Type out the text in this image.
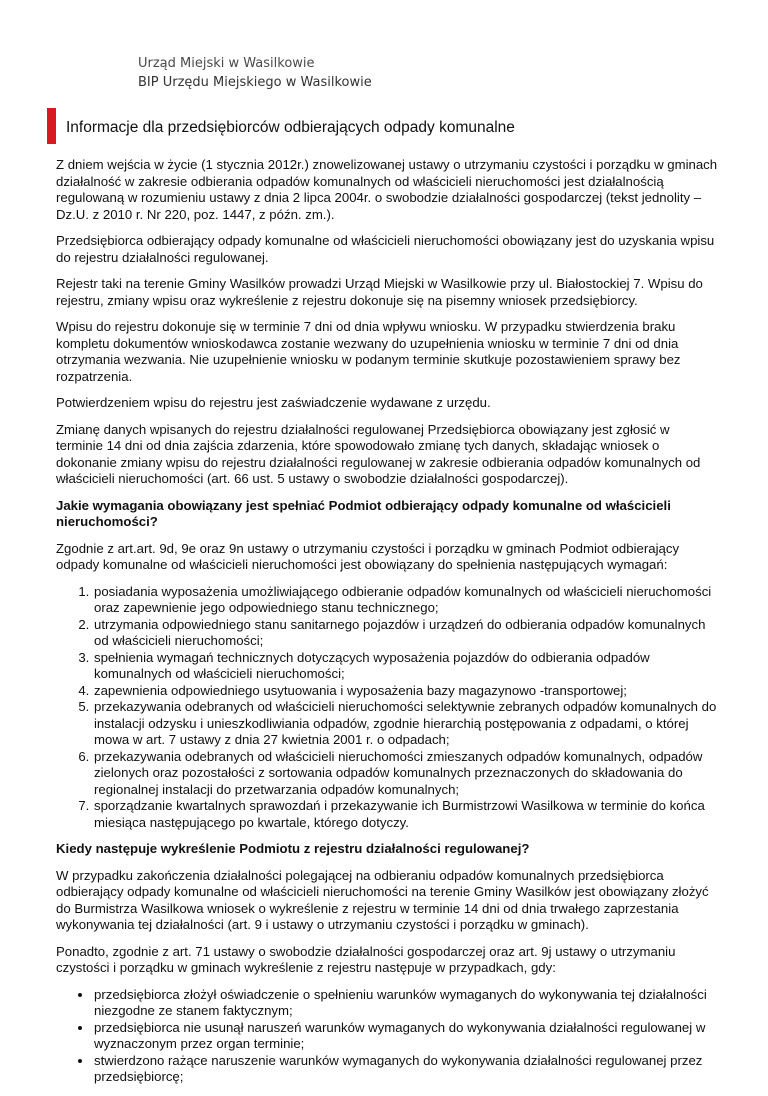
Urząd Miejski w Wasilkowie
BIP Urzędu Miejskiego w Wasilkowie
Informacje dla przedsiębiorców odbierających odpady komunalne

Z dniem wejścia w życie (1 stycznia 2012r.) znowelizowanej ustawy o utrzymaniu czystości i porządku w gminach działalność w zakresie odbierania odpadów komunalnych od właścicieli nieruchomości jest działalnością regulowaną w rozumieniu ustawy z dnia 2 lipca 2004r. o swobodzie działalności gospodarczej (tekst jednolity – Dz.U. z 2010 r. Nr 220, poz. 1447, z późn. zm.).

Przedsiębiorca odbierający odpady komunalne od właścicieli nieruchomości obowiązany jest do uzyskania wpisu do rejestru działalności regulowanej.

Rejestr taki na terenie Gminy Wasilków prowadzi Urząd Miejski w Wasilkowie przy ul. Białostockiej 7. Wpisu do rejestru, zmiany wpisu oraz wykreślenie z rejestru dokonuje się na pisemny wniosek przedsiębiorcy.

Wpisu do rejestru dokonuje się w terminie 7 dni od dnia wpływu wniosku. W przypadku stwierdzenia braku kompletu dokumentów wnioskodawca zostanie wezwany do uzupełnienia wniosku w terminie 7 dni od dnia otrzymania wezwania. Nie uzupełnienie wniosku w podanym terminie skutkuje pozostawieniem sprawy bez rozpatrzenia.

Potwierdzeniem wpisu do rejestru jest zaświadczenie wydawane z urzędu.

Zmianę danych wpisanych do rejestru działalności regulowanej Przedsiębiorca obowiązany jest zgłosić w terminie 14 dni od dnia zajścia zdarzenia, które spowodowało zmianę tych danych, składając wniosek o dokonanie zmiany wpisu do rejestru działalności regulowanej w zakresie odbierania odpadów komunalnych od właścicieli nieruchomości (art. 66 ust. 5 ustawy o swobodzie działalności gospodarczej).

Jakie wymagania obowiązany jest spełniać Podmiot odbierający odpady komunalne od właścicieli nieruchomości?

Zgodnie z art.art. 9d, 9e oraz 9n ustawy o utrzymaniu czystości i porządku w gminach Podmiot odbierający odpady komunalne od właścicieli nieruchomości jest obowiązany do spełnienia następujących wymagań:

1. posiadania wyposażenia umożliwiającego odbieranie odpadów komunalnych od właścicieli nieruchomości oraz zapewnienie jego odpowiedniego stanu technicznego;
2. utrzymania odpowiedniego stanu sanitarnego pojazdów i urządzeń do odbierania odpadów komunalnych od właścicieli nieruchomości;
3. spełnienia wymagań technicznych dotyczących wyposażenia pojazdów do odbierania odpadów komunalnych od właścicieli nieruchomości;
4. zapewnienia odpowiedniego usytuowania i wyposażenia bazy magazynowo -transportowej;
5. przekazywania odebranych od właścicieli nieruchomości selektywnie zebranych odpadów komunalnych do instalacji odzysku i unieszkodliwiania odpadów, zgodnie hierarchią postępowania z odpadami, o której mowa w art. 7 ustawy z dnia 27 kwietnia 2001 r. o odpadach;
6. przekazywania odebranych od właścicieli nieruchomości zmieszanych odpadów komunalnych, odpadów zielonych oraz pozostałości z sortowania odpadów komunalnych przeznaczonych do składowania do regionalnej instalacji do przetwarzania odpadów komunalnych;
7. sporządzanie kwartalnych sprawozdań i przekazywanie ich Burmistrzowi Wasilkowa w terminie do końca miesiąca następującego po kwartale, którego dotyczy.

Kiedy następuje wykreślenie Podmiotu z rejestru działalności regulowanej?

W przypadku zakończenia działalności polegającej na odbieraniu odpadów komunalnych przedsiębiorca odbierający odpady komunalne od właścicieli nieruchomości na terenie Gminy Wasilków jest obowiązany złożyć do Burmistrza Wasilkowa wniosek o wykreślenie z rejestru w terminie 14 dni od dnia trwałego zaprzestania wykonywania tej działalności (art. 9 i ustawy o utrzymaniu czystości i porządku w gminach).

Ponadto, zgodnie z art. 71 ustawy o swobodzie działalności gospodarczej oraz art. 9j ustawy o utrzymaniu czystości i porządku w gminach wykreślenie z rejestru następuje w przypadkach, gdy:

• przedsiębiorca złożył oświadczenie o spełnieniu warunków wymaganych do wykonywania tej działalności niezgodne ze stanem faktycznym;
• przedsiębiorca nie usunął naruszeń warunków wymaganych do wykonywania działalności regulowanej w wyznaczonym przez organ terminie;
• stwierdzono rażące naruszenie warunków wymaganych do wykonywania działalności regulowanej przez przedsiębiorcę;
